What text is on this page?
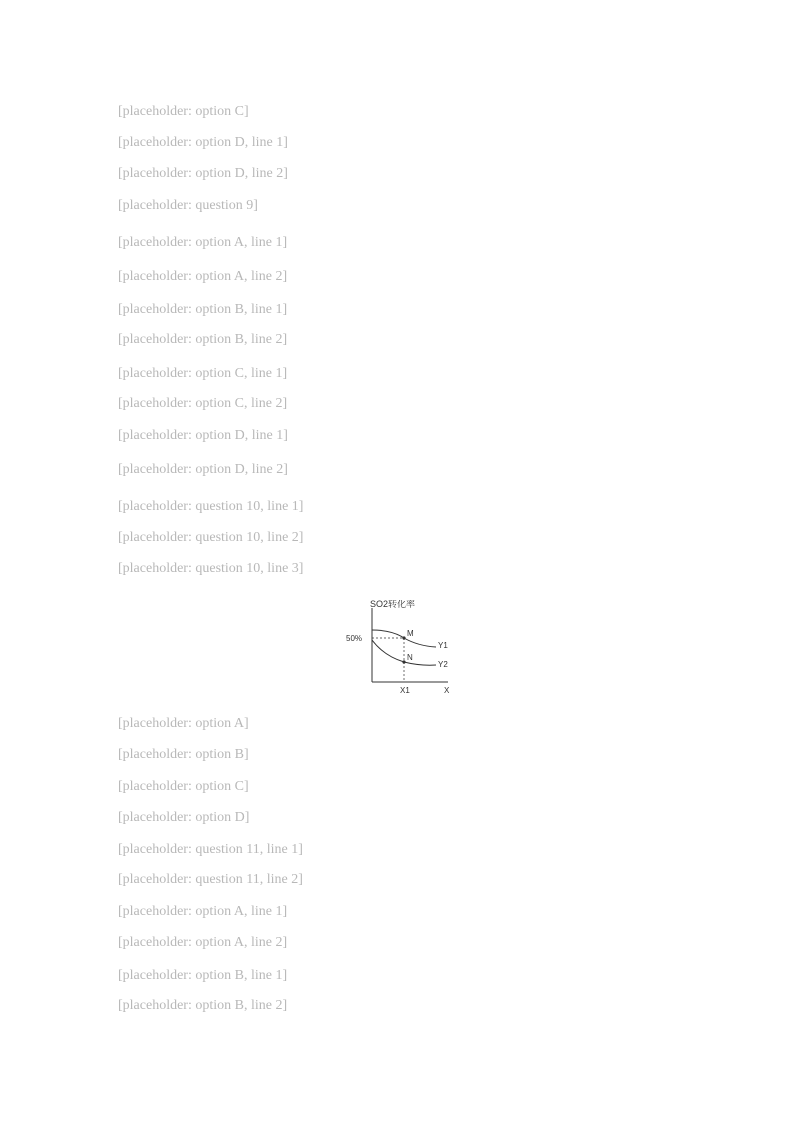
[placeholder: option C]
[placeholder: option D, line 1]
[placeholder: option D, line 2]
[placeholder: question 9]
[placeholder: option A, line 1]
[placeholder: option A, line 2]
[placeholder: option B, line 1]
[placeholder: option B, line 2]
[placeholder: option C, line 1]
[placeholder: option C, line 2]
[placeholder: option D, line 1]
[placeholder: option D, line 2]
[placeholder: question 10, line 1]
[placeholder: question 10, line 2]
[placeholder: question 10, line 3]
SO2转化率
50%
M
N
Y1
Y2
X1	X
[placeholder: option A]
[placeholder: option B]
[placeholder: option C]
[placeholder: option D]
[placeholder: question 11, line 1]
[placeholder: question 11, line 2]
[placeholder: option A, line 1]
[placeholder: option A, line 2]
[placeholder: option B, line 1]
[placeholder: option B, line 2]
